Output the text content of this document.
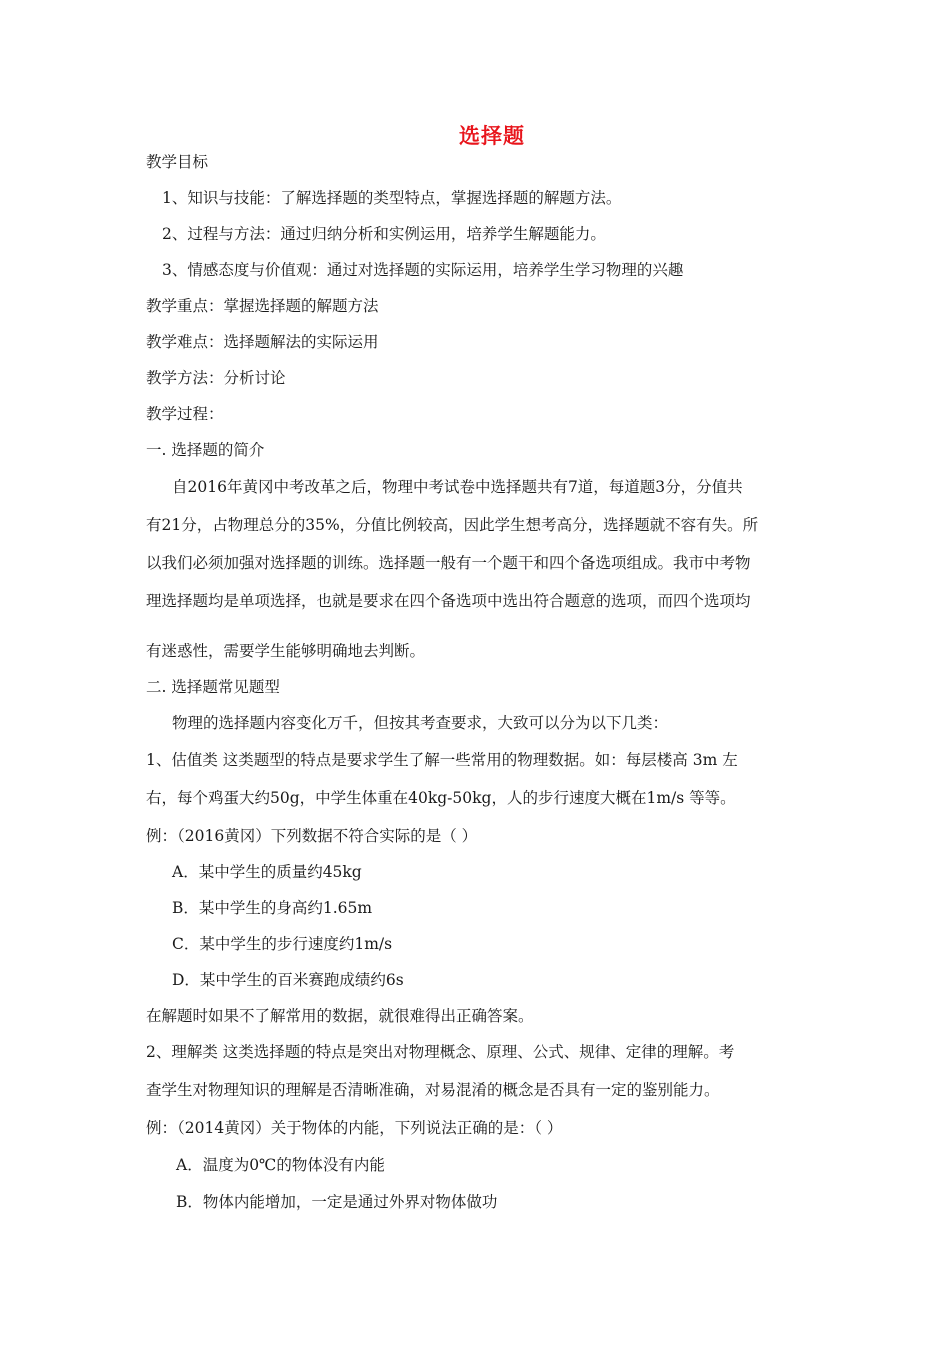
选择题
教学目标
1、知识与技能：了解选择题的类型特点，掌握选择题的解题方法。
2、过程与方法：通过归纳分析和实例运用，培养学生解题能力。
3、情感态度与价值观：通过对选择题的实际运用，培养学生学习物理的兴趣
教学重点：掌握选择题的解题方法
教学难点：选择题解法的实际运用
教学方法：分析讨论
教学过程：
一. 选择题的简介
自2016年黄冈中考改革之后，物理中考试卷中选择题共有7道，每道题3分，分值共
有21分，占物理总分的35%，分值比例较高，因此学生想考高分，选择题就不容有失。所
以我们必须加强对选择题的训练。选择题一般有一个题干和四个备选项组成。我市中考物
理选择题均是单项选择，也就是要求在四个备选项中选出符合题意的选项，而四个选项均
有迷惑性，需要学生能够明确地去判断。
二. 选择题常见题型
物理的选择题内容变化万千，但按其考查要求，大致可以分为以下几类：
1、估值类 这类题型的特点是要求学生了解一些常用的物理数据。如：每层楼高 3m 左
右，每个鸡蛋大约50g，中学生体重在40kg-50kg，人的步行速度大概在1m/s 等等。
例：（2016黄冈）下列数据不符合实际的是（ ）
A．某中学生的质量约45kg
B．某中学生的身高约1.65m
C．某中学生的步行速度约1m/s
D．某中学生的百米赛跑成绩约6s
在解题时如果不了解常用的数据，就很难得出正确答案。
2、理解类 这类选择题的特点是突出对物理概念、原理、公式、规律、定律的理解。考
查学生对物理知识的理解是否清晰准确，对易混淆的概念是否具有一定的鉴别能力。
例：（2014黄冈）关于物体的内能，下列说法正确的是：（ ）
A．温度为0℃的物体没有内能
B．物体内能增加，一定是通过外界对物体做功
